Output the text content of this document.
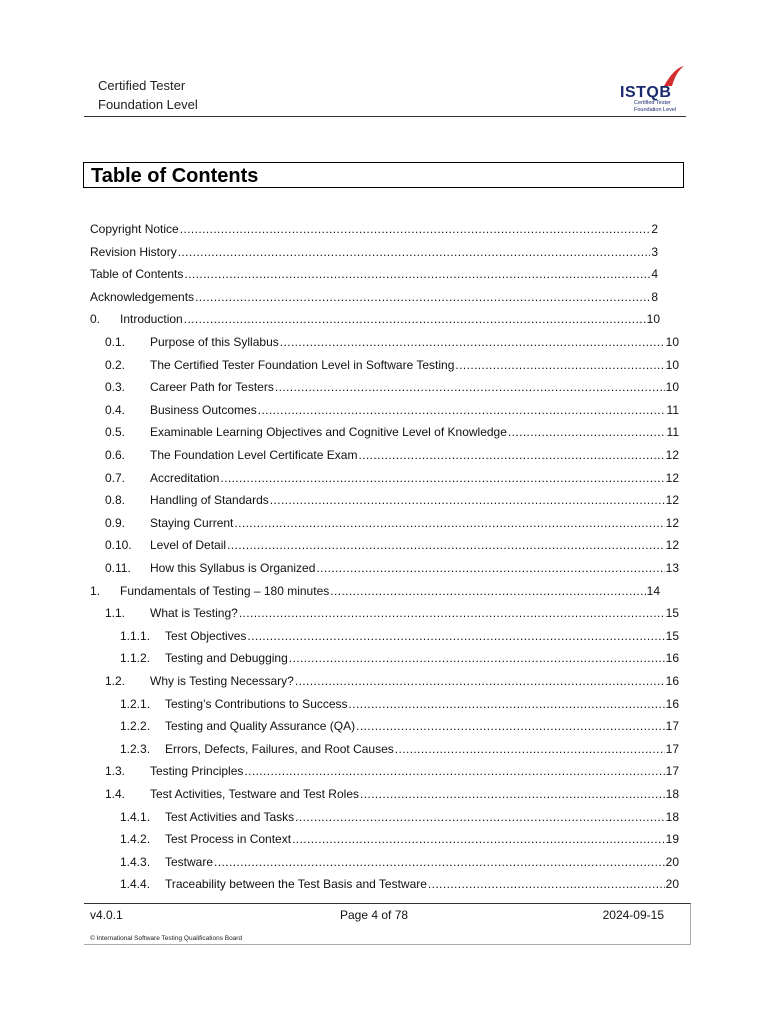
Certified Tester
Foundation Level
ISTQB
Certified Tester
Foundation Level
Table of Contents
Copyright Notice .....	2
Revision History .....	3
Table of Contents .....	4
Acknowledgements .....	8
0.	Introduction .....	10
0.1.	Purpose of this Syllabus .....	10
0.2.	The Certified Tester Foundation Level in Software Testing .....	10
0.3.	Career Path for Testers .....	10
0.4.	Business Outcomes .....	11
0.5.	Examinable Learning Objectives and Cognitive Level of Knowledge .....	11
0.6.	The Foundation Level Certificate Exam .....	12
0.7.	Accreditation .....	12
0.8.	Handling of Standards .....	12
0.9.	Staying Current .....	12
0.10.	Level of Detail .....	12
0.11.	How this Syllabus is Organized .....	13
1.	Fundamentals of Testing – 180 minutes .....	14
1.1.	What is Testing? .....	15
1.1.1.	Test Objectives .....	15
1.1.2.	Testing and Debugging .....	16
1.2.	Why is Testing Necessary? .....	16
1.2.1.	Testing’s Contributions to Success .....	16
1.2.2.	Testing and Quality Assurance (QA) .....	17
1.2.3.	Errors, Defects, Failures, and Root Causes .....	17
1.3.	Testing Principles .....	17
1.4.	Test Activities, Testware and Test Roles .....	18
1.4.1.	Test Activities and Tasks .....	18
1.4.2.	Test Process in Context .....	19
1.4.3.	Testware .....	20
1.4.4.	Traceability between the Test Basis and Testware .....	20
v4.0.1	Page 4 of 78	2024-09-15
© International Software Testing Qualifications Board
